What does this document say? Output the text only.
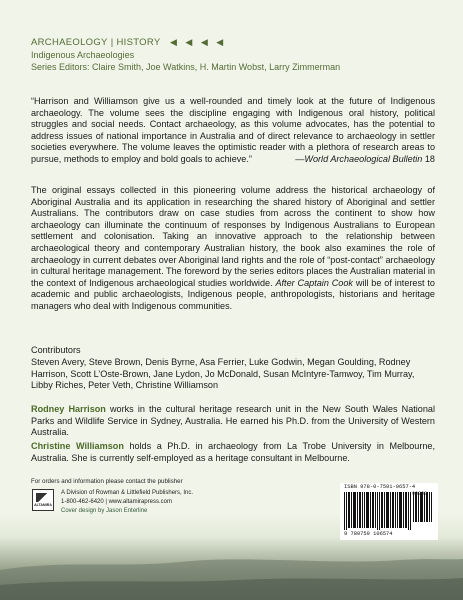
ARCHAEOLOGY | HISTORY ◀ ◀ ◀ ◀
Indigenous Archaeologies
Series Editors: Claire Smith, Joe Watkins, H. Martin Wobst, Larry Zimmerman
“Harrison and Williamson give us a well-rounded and timely look at the future of Indigenous archaeology. The volume sees the discipline engaging with Indigenous oral history, political struggles and social needs. Contact archaeology, as this volume advocates, has the potential to address issues of national importance in Australia and of direct relevance to archaeology in settler societies everywhere. The volume leaves the optimistic reader with a plethora of research areas to pursue, methods to employ and bold goals to achieve.”	—World Archaeological Bulletin 18
The original essays collected in this pioneering volume address the historical archaeology of Aboriginal Australia and its application in researching the shared history of Aboriginal and settler Australians. The contributors draw on case studies from across the continent to show how archaeology can illuminate the continuum of responses by Indigenous Australians to European settlement and colonisation. Taking an innovative approach to the relationship between archaeological theory and contemporary Australian history, the book also examines the role of archaeology in current debates over Aboriginal land rights and the role of “post-contact” archaeology in cultural heritage management. The foreword by the series editors places the Australian material in the context of Indigenous archaeological studies worldwide. After Captain Cook will be of interest to academic and public archaeologists, Indigenous people, anthropologists, historians and heritage managers who deal with Indigenous communities.
Contributors
Steven Avery, Steve Brown, Denis Byrne, Asa Ferrier, Luke Godwin, Megan Goulding, Rodney Harrison, Scott L’Oste-Brown, Jane Lydon, Jo McDonald, Susan McIntyre-Tamwoy, Tim Murray, Libby Riches, Peter Veth, Christine Williamson
Rodney Harrison works in the cultural heritage research unit in the New South Wales National Parks and Wildlife Service in Sydney, Australia. He earned his Ph.D. from the University of Western Australia.
Christine Williamson holds a Ph.D. in archaeology from La Trobe University in Melbourne, Australia. She is currently self-employed as a heritage consultant in Melbourne.
For orders and information please contact the publisher
ALTAMIRA
A Division of Rowman & Littlefield Publishers, Inc.
1-800-462-6420 | www.altamirapress.com
Cover design by Jason Enterline
ISBN 978-0-7591-0657-4
90000
9 780759 106574
